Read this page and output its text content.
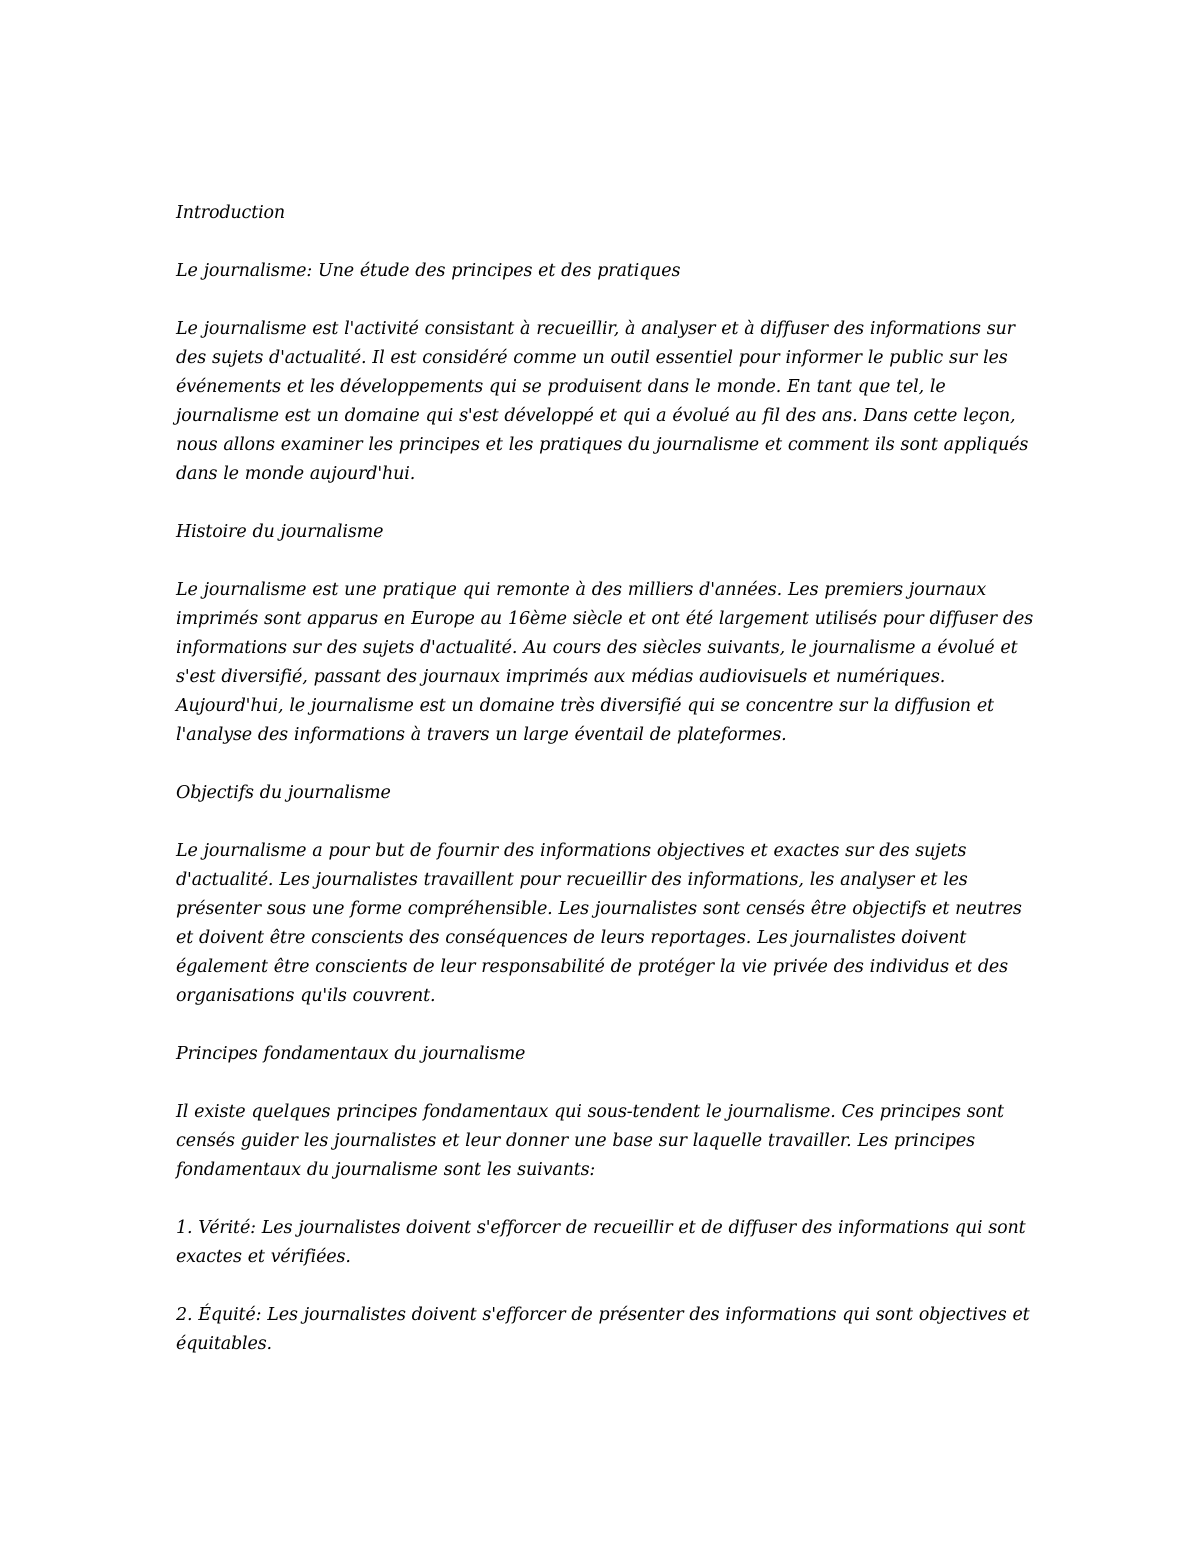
Introduction

Le journalisme: Une étude des principes et des pratiques

Le journalisme est l'activité consistant à recueillir, à analyser et à diffuser des informations sur des sujets d'actualité. Il est considéré comme un outil essentiel pour informer le public sur les événements et les développements qui se produisent dans le monde. En tant que tel, le journalisme est un domaine qui s'est développé et qui a évolué au fil des ans. Dans cette leçon, nous allons examiner les principes et les pratiques du journalisme et comment ils sont appliqués dans le monde aujourd'hui.

Histoire du journalisme

Le journalisme est une pratique qui remonte à des milliers d'années. Les premiers journaux imprimés sont apparus en Europe au 16ème siècle et ont été largement utilisés pour diffuser des informations sur des sujets d'actualité. Au cours des siècles suivants, le journalisme a évolué et s'est diversifié, passant des journaux imprimés aux médias audiovisuels et numériques. Aujourd'hui, le journalisme est un domaine très diversifié qui se concentre sur la diffusion et l'analyse des informations à travers un large éventail de plateformes.

Objectifs du journalisme

Le journalisme a pour but de fournir des informations objectives et exactes sur des sujets d'actualité. Les journalistes travaillent pour recueillir des informations, les analyser et les présenter sous une forme compréhensible. Les journalistes sont censés être objectifs et neutres et doivent être conscients des conséquences de leurs reportages. Les journalistes doivent également être conscients de leur responsabilité de protéger la vie privée des individus et des organisations qu'ils couvrent.

Principes fondamentaux du journalisme

Il existe quelques principes fondamentaux qui sous-tendent le journalisme. Ces principes sont censés guider les journalistes et leur donner une base sur laquelle travailler. Les principes fondamentaux du journalisme sont les suivants:

1. Vérité: Les journalistes doivent s'efforcer de recueillir et de diffuser des informations qui sont exactes et vérifiées.

2. Équité: Les journalistes doivent s'efforcer de présenter des informations qui sont objectives et équitables.
